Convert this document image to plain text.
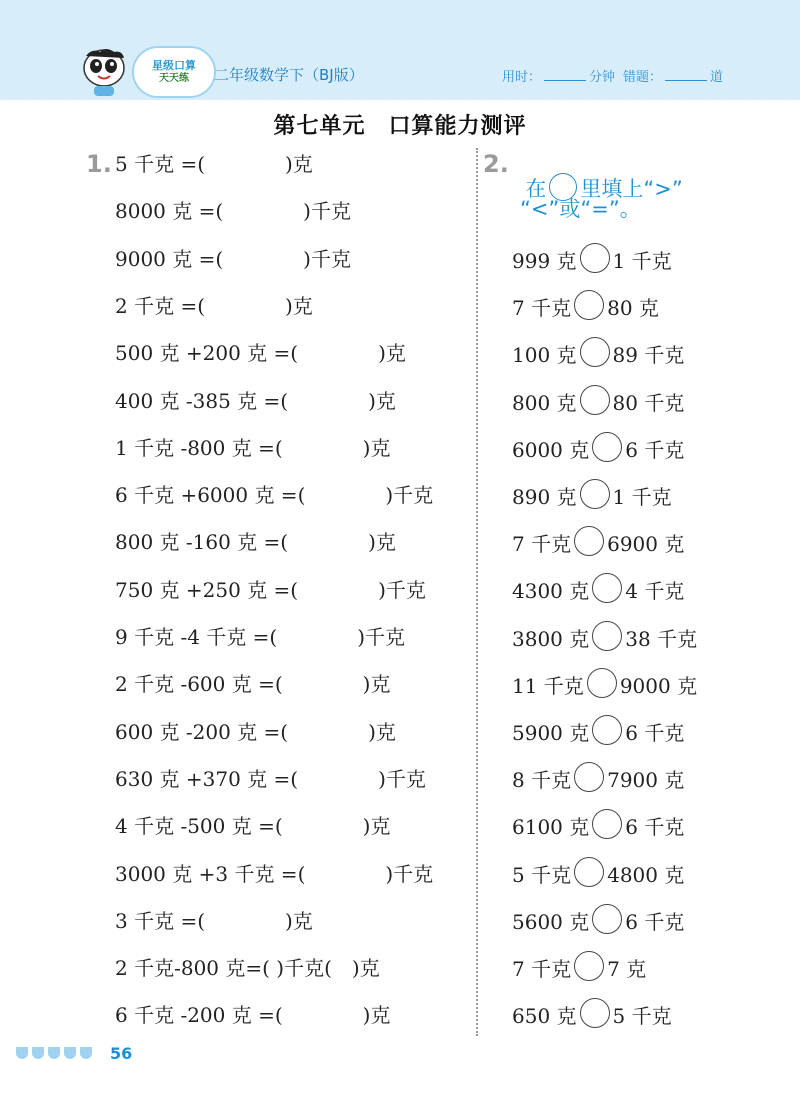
星级口算
天天练 二年级数学下（BJ版）	用时：	分钟 错题：	道
第七单元　口算能力测评
1. 5 千克 =(　　　　)克
8000 克 =(　　　　)千克
9000 克 =(　　　　)千克
2 千克 =(　　　　)克
500 克 +200 克 =(　　　　)克
400 克 -385 克 =(　　　　)克
1 千克 -800 克 =(　　　　)克
6 千克 +6000 克 =(　　　　)千克
800 克 -160 克 =(　　　　)克
750 克 +250 克 =(　　　　)千克
9 千克 -4 千克 =(　　　　)千克
2 千克 -600 克 =(　　　　)克
600 克 -200 克 =(　　　　)克
630 克 +370 克 =(　　　　)千克
4 千克 -500 克 =(　　　　)克
3000 克 +3 千克 =(　　　　)千克
3 千克 =(　　　　)克
2 千克-800 克=( )千克(　)克
6 千克 -200 克 =(　　　　)克
2.

在 里填上“>”

“<”或“=”。
999 克 1 千克
7 千克 80 克
100 克 89 千克
800 克 80 千克
6000 克 6 千克
890 克 1 千克
7 千克 6900 克
4300 克 4 千克
3800 克 38 千克
11 千克 9000 克
5900 克 6 千克
8 千克 7900 克
6100 克 6 千克
5 千克 4800 克
5600 克 6 千克
7 千克 7 克
650 克 5 千克
56
